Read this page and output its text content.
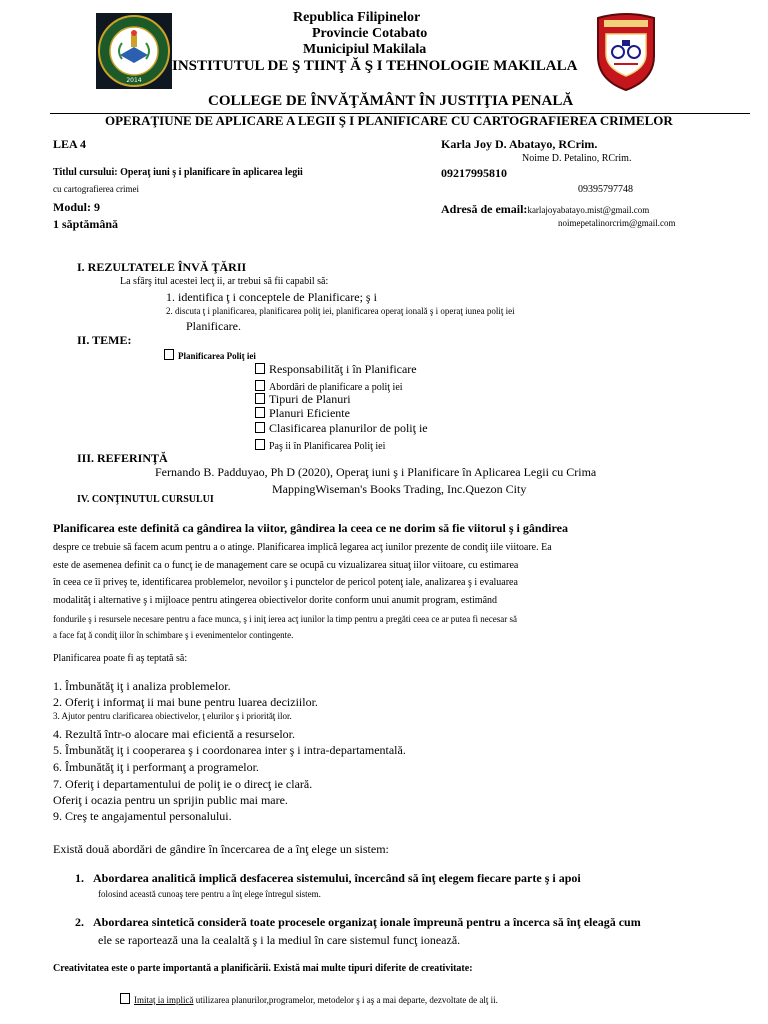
2014
Republica Filipinelor
Provincie Cotabato
Municipiul Makilala
INSTITUTUL DE Ş TIINŢ Ă Ş I TEHNOLOGIE MAKILALA
COLLEGE DE ÎNVĂŢĂMÂNT ÎN JUSTIŢIA PENALĂ
OPERAŢIUNE DE APLICARE A LEGII Ş I PLANIFICARE CU CARTOGRAFIEREA CRIMELOR
LEA 4	Karla Joy D. Abatayo, RCrim.
Noime D. Petalino, RCrim.
Titlul cursului: Operaţ iuni ş i planificare în aplicarea legii	09217995810
cu cartografierea crimei	09395797748
Modul: 9	Adresă de email:karlajoyabatayo.mist@gmail.com
1 săptămână	noimepetalinorcrim@gmail.com
I. REZULTATELE ÎNVĂ ŢĂRII
La sfârş itul acestei lecţ ii, ar trebui să fii capabil să:
1. identifica ţ i conceptele de Planificare; ş i
2. discuta ţ i planificarea, planificarea poliţ iei, planificarea operaţ ională ş i operaţ iunea poliţ iei
Planificare.
II. TEME:
Planificarea Poliţ iei
Responsabilităţ i în Planificare
Abordări de planificare a poliţ iei
Tipuri de Planuri
Planuri Eficiente
Clasificarea planurilor de poliţ ie
Paş ii în Planificarea Poliţ iei
III. REFERINŢĂ
Fernando B. Padduyao, Ph D (2020), Operaţ iuni ş i Planificare în Aplicarea Legii cu Crima
MappingWiseman's Books Trading, Inc.Quezon City
IV. CONŢINUTUL CURSULUI
Planificarea este definită ca gândirea la viitor, gândirea la ceea ce ne dorim să fie viitorul ş i gândirea
despre ce trebuie să facem acum pentru a o atinge. Planificarea implică legarea acţ iunilor prezente de condiţ iile viitoare. Ea
este de asemenea definit ca o funcţ ie de management care se ocupă cu vizualizarea situaţ iilor viitoare, cu estimarea
în ceea ce îi priveş te, identificarea problemelor, nevoilor ş i punctelor de pericol potenţ iale, analizarea ş i evaluarea
modalităţ i alternative ş i mijloace pentru atingerea obiectivelor dorite conform unui anumit program, estimând
fondurile ş i resursele necesare pentru a face munca, ş i iniţ ierea acţ iunilor la timp pentru a pregăti ceea ce ar putea fi necesar să
a face faţ ă condiţ iilor în schimbare ş i evenimentelor contingente.
Planificarea poate fi aş teptată să:
1. Îmbunătăţ iţ i analiza problemelor.
2. Oferiţ i informaţ ii mai bune pentru luarea deciziilor.
3. Ajutor pentru clarificarea obiectivelor, ţ elurilor ş i priorităţ ilor.
4. Rezultă într-o alocare mai eficientă a resurselor.
5. Îmbunătăţ iţ i cooperarea ş i coordonarea inter ş i intra-departamentală.
6. Îmbunătăţ iţ i performanţ a programelor.
7. Oferiţ i departamentului de poliţ ie o direcţ ie clară.
Oferiţ i ocazia pentru un sprijin public mai mare.
9. Creş te angajamentul personalului.
Există două abordări de gândire în încercarea de a înţ elege un sistem:
1. Abordarea analitică implică desfacerea sistemului, încercând să înţ elegem fiecare parte ş i apoi
folosind această cunoaş tere pentru a înţ elege întregul sistem.
2. Abordarea sintetică consideră toate procesele organizaţ ionale împreună pentru a încerca să înţ eleagă cum
ele se raportează una la cealaltă ş i la mediul în care sistemul funcţ ionează.
Creativitatea este o parte importantă a planificării. Există mai multe tipuri diferite de creativitate:
Imitaţ ia implică utilizarea planurilor,programelor, metodelor ş i aş a mai departe, dezvoltate de alţ ii.
